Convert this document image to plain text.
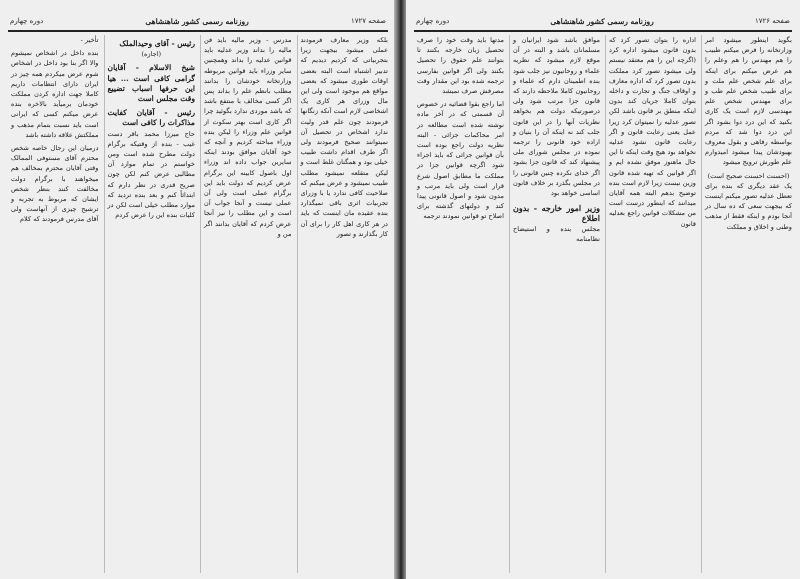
صفحه ۱۷۲۷
روزنامه رسمی کشور شاهنشاهی
دوره چهارم

بلکه وزیر معارف فرمودند عملی میشود بیجهت زیرا بتجربیاتی که کردیم دیدیم که تدبیر اشتباه است البته بعضی اوقات طوری میشود که بعضی مواقع هم موجود است ولی این مال وزرای هر کاری یک اشخاصی لازم است آنکه زنگانها فرمودند چون علم قدر ولیت ندارد اشخاص در تحصیل آن نمیتوانند صحیح فرمودند ولی اگر طرف اقدام داشت طبیب خیلی بود و همگنان غلط است و لیکن متقلعه نمیشود مطلب طبیب نمیشود و عرض میکنم که صلاحیت کافی ندارد یا با وزرای تجربیات اثری باقی نمیگذارد بنده عقیده مان اینست که باید در هر کاری اهل کار را برای آن کار بگذارند و تصور

مدرس - وزیر مالیه باید فن مالیه را بداند وزیر عدلیه باید قوانین عدلیه را بداند وهمچنین سایر وزراء باید قوانین مربوطه وزارتخانه خودشان را بدانند مطلب بانظم علم را بداند پس اگر کسی مخالف با منتفع باشد که باشد موردی ندارد بگوئید چرا اگر کاری است بهتر سکوت از قوانین علم وزراء را لیکن بنده وزراء مباحثه کردیم و آنچه که خود آقایان موافق بودند اینکه سایرین جواب داده اند وزراء اول باصول کابینه این برگرام عرض کردیم که دولت باید این برگرام عملی است ولی آن عملی نیست و آنجا جواب آن است و این مطلب را نیز آنجا عرض کردم که آقایان بدانند اگر من و

رئیس - آقای وحیدالملک
(اجازه)
شیخ الاسلام - آقایان گرامی کافی است ... هیا این حرفها اسباب تضییع وقت مجلس است
رئیس - آقایان کفایت مذاکرات را کافی است

حاج میرزا محمد باقر دست غیب - بنده از وقتیکه برگرام دولت مطرح شده است ومن خواستم در تمام موارد آن مطالبی عرض کنم لکن چون صریح قدری در نظر دارم که ابتدائاً کنم و بعد بنده تردید که موارد مطلب خیلی است لکن در کلیات بنده این را عرض کردم

تأخیر -

بنده داخل در اشخاص نمیشوم والا اگر بنا بود داخل در اشخاص شوم عرض میکردم همه چیز در ایران دارای انتظامات داریم کاملا جهت اداره کردن مملکت خودمان برمیآید بالاخره بنده عرض میکنم کسی که ایرانی است باید نسبت بتمام مذهب و مملکتش علاقه داشته باشد

درمیان این رجال خاصه شخص محترم آقای مستوفی الممالک وقتی آقایان محترم بمخالف هم میخواهند با برگرام دولت مخالفت کنند بنظر شخص ایشان که مربوط به تجربه و ترشیح چیزی از آنهاست ولی آقای مدرس فرمودند که کلام

صفحه ۱۷۲۶
روزنامه رسمی کشور شاهنشاهی
دوره چهارم

بگوید اینطور میشود امر وزارتخانه را فرض میکنم طبیب را هم مهندس را هم وعلم را هم عرض میکنم برای اینکه برای علم شخص علم ملت و برای طبیب شخص علم طب و برای مهندس شخص علم مهندسی لازم است یک کاری بکنید که این درد دوا بشود اگر این درد دوا شد که مردم بواسطه رفاهی و بقول معروف بهبودشان پیدا میشود امیدوارم علم طورش ترویج میشود

(احسنت احسنت صحیح است)

یک عقد دیگری که بنده برای تعطل عدلیه تصور میکنم اینست که بیجهت سعی که ده سال در آنجا بودم و اینکه فقط از مذهب وطنی و اخلاق و مملکت

اداره را بتوان تصور کرد که بدون قانون میشود اداره کرد (اگرچه این را هم معتقد نیستم ولی میشود تصور کرد مملکت بدون تصور کرد که اداره معارف و اوقاف جنگ و تجارت و داخله بتوان کاملا جریان کند بدون اینکه منطق بر قانون باشد لکن تصور عدلیه را نمیتوان کرد زیرا عمل یعنی رعایت قانون و اگر رعایت قانون نشود عدلیه نخواهد بود هیچ وقت اینکه تا این حال ماهنوز موفق نشده ایم و اگر قوانین که تهیه شده قانون وزین نیست زیرا لازم است بنده توضیح بدهم البته همه آقایان میدانند که اینطور درست است من مشکلات قوانین راجع بعدلیه قانون

موافق باشد شود ایرانیان و مسلمانان باشد و البته در آن موقع لازم میشود که نظریه علماء و روحانیون نیز جلب شود بنده اطمینان دارم که علماء و روحانیون کاملا ملاحظه دارند که قانون جزا مرتب شود ولی درصورتیکه دولت هم بخواهد نظریات آنها را در این قانون جلب کند نه اینکه آن را بنیان و اراده خود قانونی را ترجمه نموده در مجلس شورای ملی پیشنهاد کند که قانون جزا بشود اگر خدای نکرده چنین قانونی را در مجلس بگذرد بر خلاف قانون اساسی خواهد بود

وزیر امور خارجه - بدون اطلاع

مجلس بنده و استیضاح نظامنامه

مدتها باید وقت خود را صرف تحصیل زبان خارجه بکنند تا بتوانند علم حقوق را تحصیل بکنند ولی اگر قوانین بفارسی ترجمه شده بود این مقدار وقت مصرفش صرف نمیشد

اما راجع بقوا قضائیه در خصوص آن قسمتی که در آخر ماده نوشته شده است مطالعه در امر محاکمات جزائی - البته نظریه دولت راجع بوده است بآن قوانین جزائی که باید اجراء شود اگرچه قوانین جزا در مملکت ما مطابق اصول شرع قرار است ولی باید مرتب و مدون شود و اصول قانونی پیدا کند و دولتهای گذشته برای اصلاح تو قوانین نمودند ترجمه
